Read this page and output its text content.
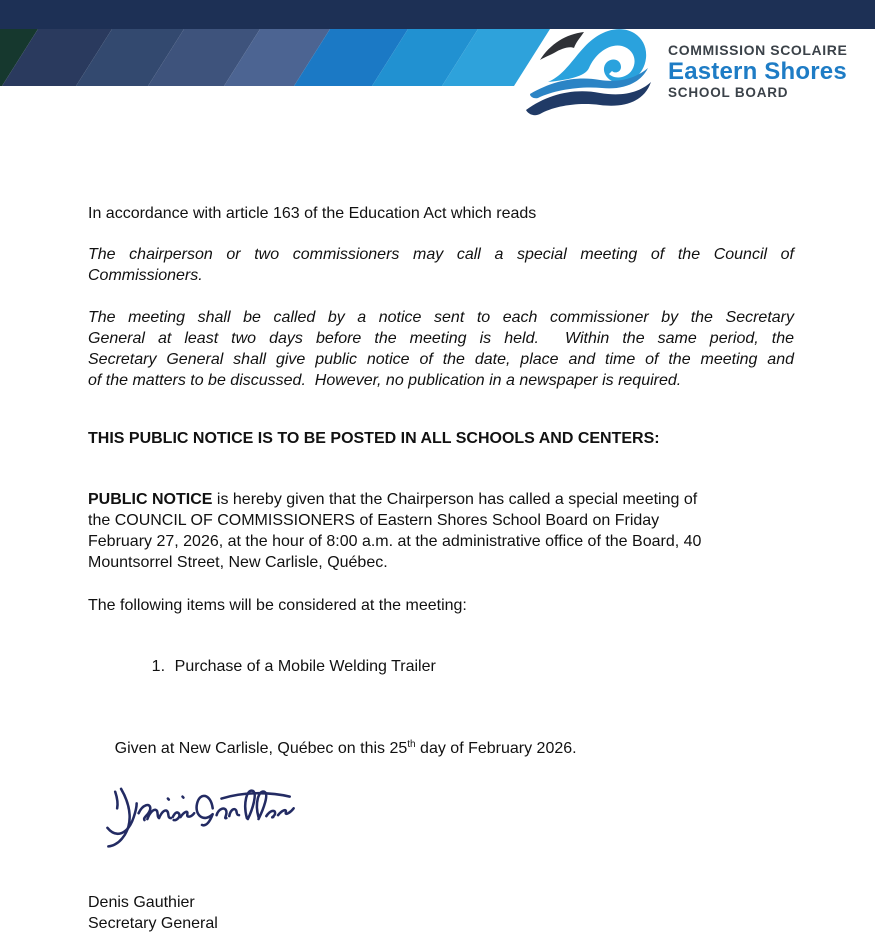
COMMISSION SCOLAIRE
Eastern Shores
SCHOOL BOARD
In accordance with article 163 of the Education Act which reads
The chairperson or two commissioners may call a special meeting of the Council of
Commissioners.
The meeting shall be called by a notice sent to each commissioner by the Secretary
General at least two days before the meeting is held.  Within the same period, the
Secretary General shall give public notice of the date, place and time of the meeting and
of the matters to be discussed.  However, no publication in a newspaper is required.
THIS PUBLIC NOTICE IS TO BE POSTED IN ALL SCHOOLS AND CENTERS:
PUBLIC NOTICE is hereby given that the Chairperson has called a special meeting of
the COUNCIL OF COMMISSIONERS of Eastern Shores School Board on Friday
February 27, 2026, at the hour of 8:00 a.m. at the administrative office of the Board, 40
Mountsorrel Street, New Carlisle, Québec.
The following items will be considered at the meeting:

1. Purchase of a Mobile Welding Trailer

Given at New Carlisle, Québec on this 25th day of February 2026.

Denis Gauthier
Secretary General
